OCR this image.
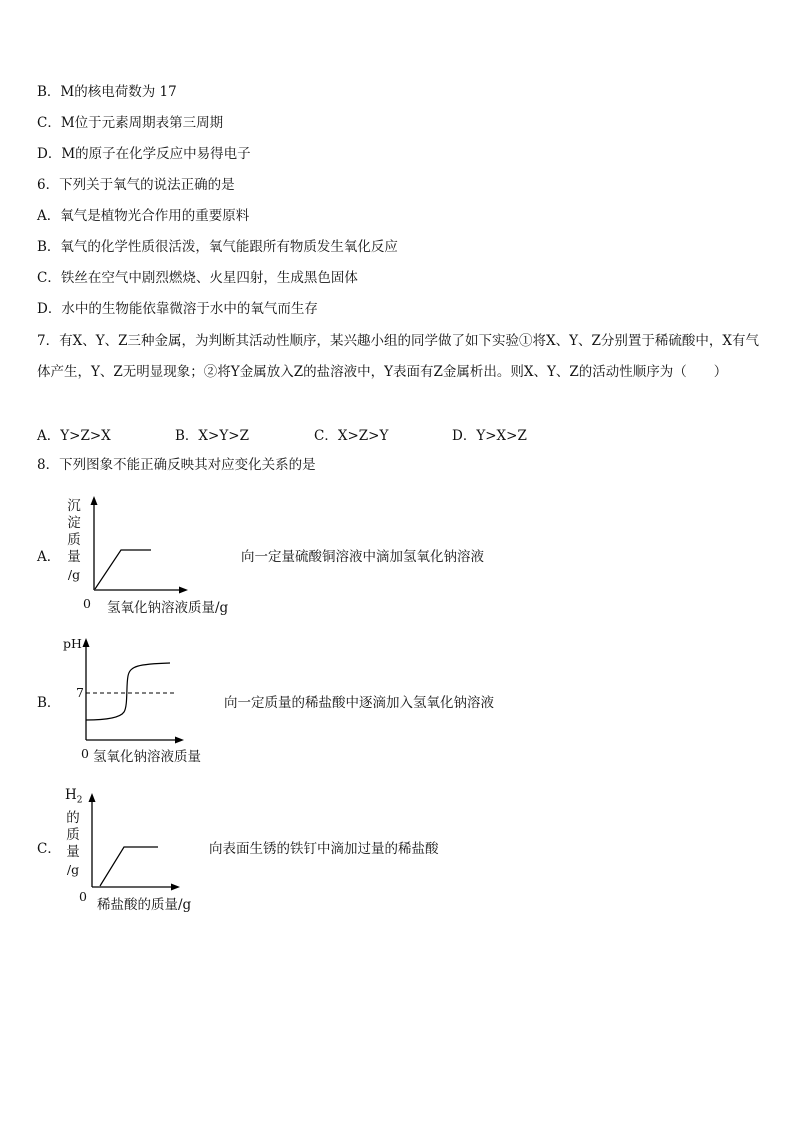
B．M的核电荷数为 17
C．M位于元素周期表第三周期
D．M的原子在化学反应中易得电子
6．下列关于氧气的说法正确的是
A．氧气是植物光合作用的重要原料
B．氧气的化学性质很活泼，氧气能跟所有物质发生氧化反应
C．铁丝在空气中剧烈燃烧、火星四射，生成黑色固体
D．水中的生物能依靠微溶于水中的氧气而生存
7．有X、Y、Z三种金属，为判断其活动性顺序，某兴趣小组的同学做了如下实验①将X、Y、Z分别置于稀硫酸中，X有气体产生，Y、Z无明显现象；②将Y金属放入Z的盐溶液中，Y表面有Z金属析出。则X、Y、Z的活动性顺序为（　　）
A．Y>Z>X	B．X>Y>Z	C．X>Z>Y	D．Y>X>Z
8．下列图象不能正确反映其对应变化关系的是
A．
沉
淀
质
量
/g
0 氢氧化钠溶液质量/g
向一定量硫酸铜溶液中滴加氢氧化钠溶液
B．
pH
7
0 氢氧化钠溶液质量
向一定质量的稀盐酸中逐滴加入氢氧化钠溶液
C．
$H_2$
的
质
量
/g
0
稀盐酸的质量/g
向表面生锈的铁钉中滴加过量的稀盐酸
